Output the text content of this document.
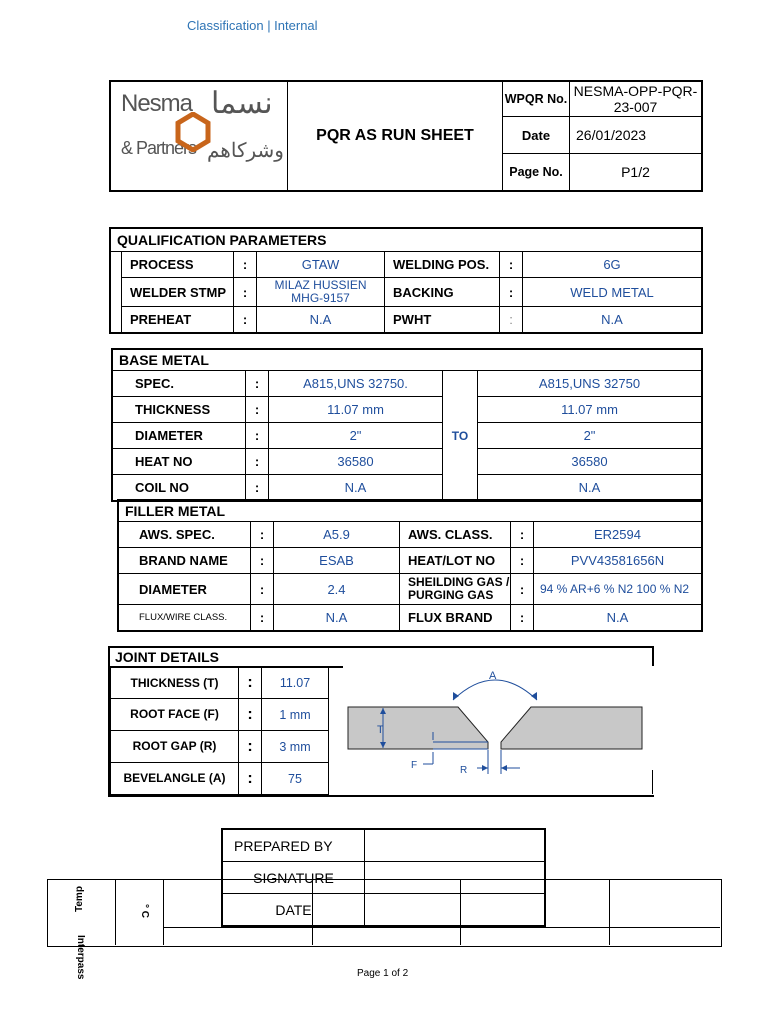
Classification | Internal
Nesma
& Partners
نسما
وشركاهم	PQR AS RUN SHEET	WPQR No.	NESMA-OPP-PQR-23-007
		Date	26/01/2023
		Page No.	P1/2
QUALIFICATION PARAMETERS						
	PROCESS	:	GTAW	WELDING POS.	:	6G
	WELDER STMP	:	MILAZ HUSSIEN MHG-9157	BACKING	:	WELD METAL
	PREHEAT	:	N.A	PWHT	:	N.A
BASE METAL				
SPEC.	:	A815,UNS 32750.	TO	A815,UNS 32750
THICKNESS	:	11.07 mm		11.07 mm
DIAMETER	:	2"		2"
HEAT NO	:	36580		36580
COIL NO	:	N.A		N.A
FILLER METAL					
AWS. SPEC.	:	A5.9	AWS. CLASS.	:	ER2594
BRAND NAME	:	ESAB	HEAT/LOT NO	:	PVV43581656N
DIAMETER	:	2.4	SHEILDING GAS / PURGING GAS	:	94 % AR+6 % N2 100 % N2
FLUX/WIRE CLASS.	:	N.A	FLUX BRAND	:	N.A
JOINT DETAILS
THICKNESS (T)	:	11.07
ROOT FACE (F)	:	1 mm
ROOT GAP (R)	:	3 mm
BEVELANGLE (A)	:	75
A
T
F	R
Temp
Interpass
° C
PREPARED BY	
SIGNATURE	
DATE	
Page 1 of 2
